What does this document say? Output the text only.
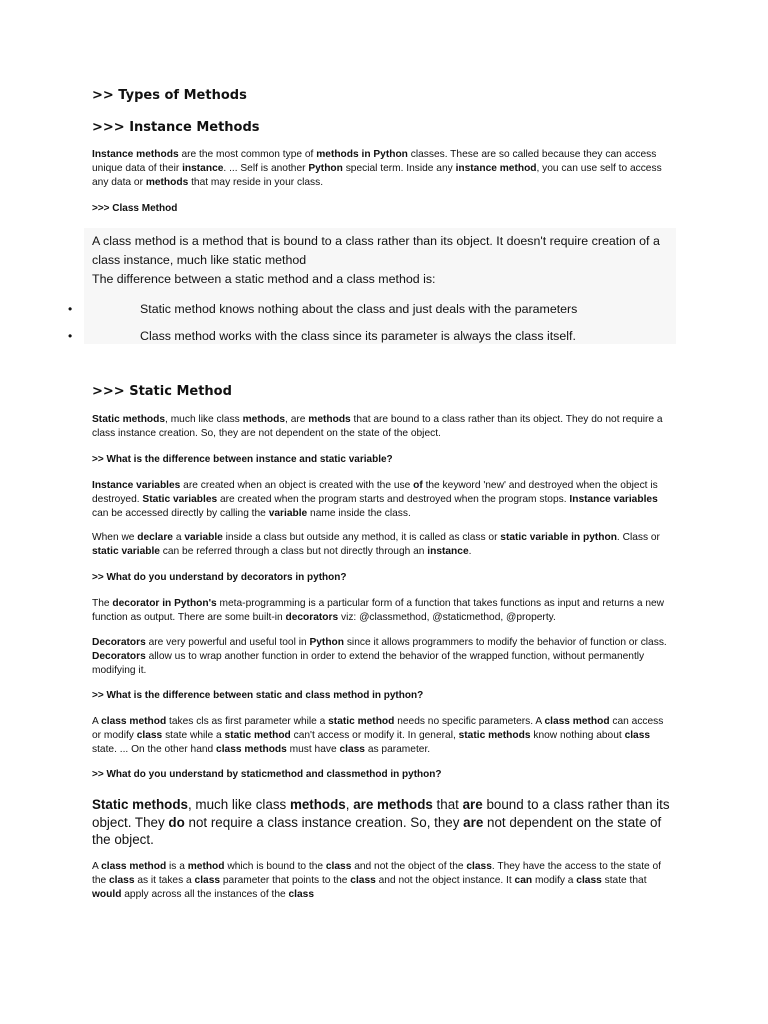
>> Types of Methods
>>> Instance Methods
Instance methods are the most common type of methods in Python classes. These are so called because they can access unique data of their instance. ... Self is another Python special term. Inside any instance method, you can use self to access any data or methods that may reside in your class.
>>> Class Method
A class method is a method that is bound to a class rather than its object. It doesn't require creation of a
class instance, much like static method
The difference between a static method and a class method is:
•	Static method knows nothing about the class and just deals with the parameters
•	Class method works with the class since its parameter is always the class itself.
>>> Static Method
Static methods, much like class methods, are methods that are bound to a class rather than its object. They do not require a class instance creation. So, they are not dependent on the state of the object.
>> What is the difference between instance and static variable?
Instance variables are created when an object is created with the use of the keyword 'new' and destroyed when the object is destroyed. Static variables are created when the program starts and destroyed when the program stops. Instance variables can be accessed directly by calling the variable name inside the class.
When we declare a variable inside a class but outside any method, it is called as class or static variable in python. Class or static variable can be referred through a class but not directly through an instance.
>> What do you understand by decorators in python?
The decorator in Python's meta-programming is a particular form of a function that takes functions as input and returns a new function as output. There are some built-in decorators viz: @classmethod, @staticmethod, @property.
Decorators are very powerful and useful tool in Python since it allows programmers to modify the behavior of function or class. Decorators allow us to wrap another function in order to extend the behavior of the wrapped function, without permanently modifying it.
>> What is the difference between static and class method in python?
A class method takes cls as first parameter while a static method needs no specific parameters. A class method can access or modify class state while a static method can't access or modify it. In general, static methods know nothing about class state. ... On the other hand class methods must have class as parameter.
>> What do you understand by staticmethod and classmethod in python?
Static methods, much like class methods, are methods that are bound to a class rather than its object. They do not require a class instance creation. So, they are not dependent on the state of the object.
A class method is a method which is bound to the class and not the object of the class. They have the access to the state of the class as it takes a class parameter that points to the class and not the object instance. It can modify a class state that would apply across all the instances of the class
